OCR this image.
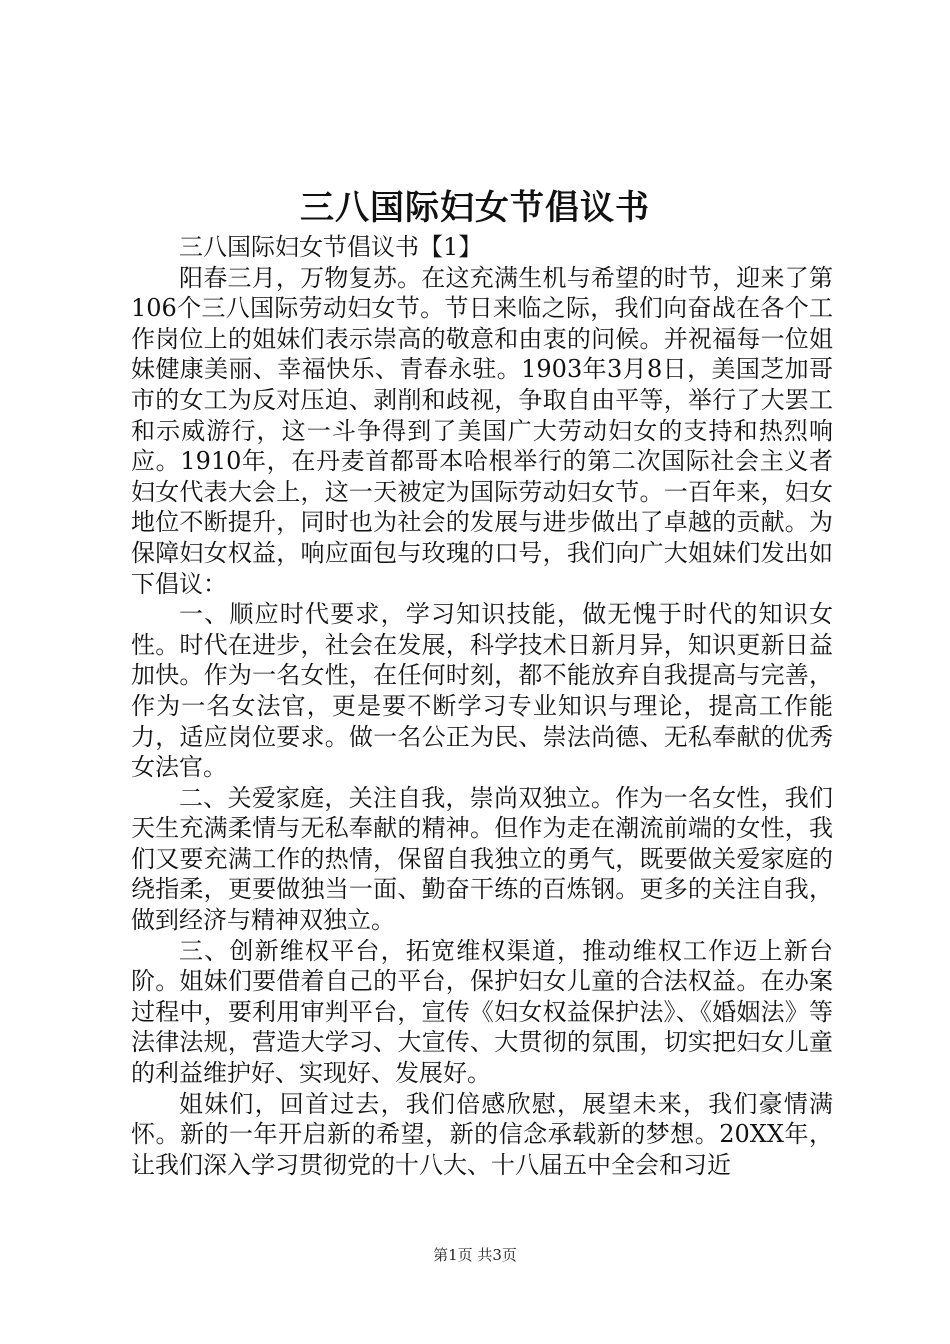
三八国际妇女节倡议书

三八国际妇女节倡议书【1】

阳春三月，万物复苏。在这充满生机与希望的时节，迎来了第106个三八国际劳动妇女节。节日来临之际，我们向奋战在各个工作岗位上的姐妹们表示崇高的敬意和由衷的问候。并祝福每一位姐妹健康美丽、幸福快乐、青春永驻。1903年3月8日，美国芝加哥市的女工为反对压迫、剥削和歧视，争取自由平等，举行了大罢工和示威游行，这一斗争得到了美国广大劳动妇女的支持和热烈响应。1910年，在丹麦首都哥本哈根举行的第二次国际社会主义者妇女代表大会上，这一天被定为国际劳动妇女节。一百年来，妇女地位不断提升，同时也为社会的发展与进步做出了卓越的贡献。为保障妇女权益，响应面包与玫瑰的口号，我们向广大姐妹们发出如下倡议：

一、顺应时代要求，学习知识技能，做无愧于时代的知识女性。时代在进步，社会在发展，科学技术日新月异，知识更新日益加快。作为一名女性，在任何时刻，都不能放弃自我提高与完善，作为一名女法官，更是要不断学习专业知识与理论，提高工作能力，适应岗位要求。做一名公正为民、崇法尚德、无私奉献的优秀女法官。

二、关爱家庭，关注自我，崇尚双独立。作为一名女性，我们天生充满柔情与无私奉献的精神。但作为走在潮流前端的女性，我们又要充满工作的热情，保留自我独立的勇气，既要做关爱家庭的绕指柔，更要做独当一面、勤奋干练的百炼钢。更多的关注自我，做到经济与精神双独立。

三、创新维权平台，拓宽维权渠道，推动维权工作迈上新台阶。姐妹们要借着自己的平台，保护妇女儿童的合法权益。在办案过程中，要利用审判平台，宣传《妇女权益保护法》、《婚姻法》等法律法规，营造大学习、大宣传、大贯彻的氛围，切实把妇女儿童的利益维护好、实现好、发展好。

姐妹们，回首过去，我们倍感欣慰，展望未来，我们豪情满怀。新的一年开启新的希望，新的信念承载新的梦想。20XX年，让我们深入学习贯彻党的十八大、十八届五中全会和习近

第1页 共3页
